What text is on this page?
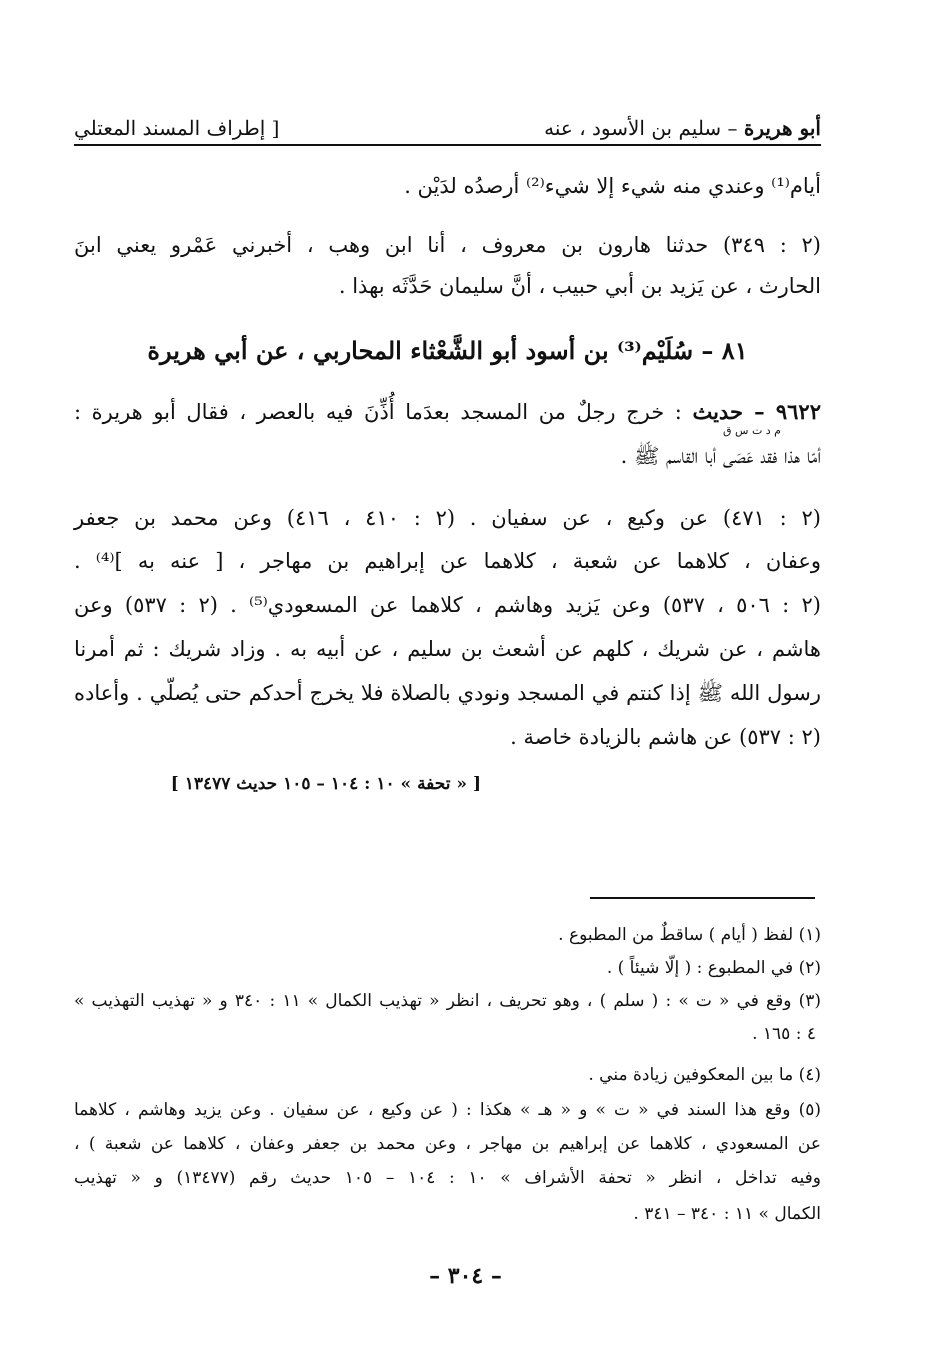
أبو هريرة – سليم بن الأسود ، عنه
[ إطراف المسند المعتلي
أيام⁽¹⁾ وعندي منه شيء إلا شيء⁽²⁾ أرصدُه لدَيْن .
(٢ : ٣٤٩) حدثنا هارون بن معروف ، أنا ابن وهب ، أخبرني عَمْرو يعني ابنَ
الحارث ، عن يَزيد بن أبي حبيب ، أنَّ سليمان حَدَّثَه بهذا .
٨١ – سُلَيْم⁽³⁾ بن أسود أبو الشَّعْثاء المحاربي ، عن أبي هريرة
٩٦٢٢ – حديث : خرج رجلٌ من المسجد بعدَما أُذِّنَ فيه بالعصر ، فقال أبو هريرة :
م د ت س ق
أمّا هذا فقد عَصَى أبا القاسم ﷺ .
(٢ : ٤٧١) عن وكيع ، عن سفيان . (٢ : ٤١٠ ، ٤١٦) وعن محمد بن جعفر
وعفان ، كلاهما عن شعبة ، كلاهما عن إبراهيم بن مهاجر ، [ عنه به ]⁽⁴⁾ .
(٢ : ٥٠٦ ، ٥٣٧) وعن يَزيد وهاشم ، كلاهما عن المسعودي⁽⁵⁾ . (٢ : ٥٣٧) وعن
هاشم ، عن شريك ، كلهم عن أشعث بن سليم ، عن أبيه به . وزاد شريك : ثم أمرنا
رسول الله ﷺ إذا كنتم في المسجد ونودي بالصلاة فلا يخرج أحدكم حتى يُصلّي . وأعاده
(٢ : ٥٣٧) عن هاشم بالزيادة خاصة .
[ « تحفة » ١٠ : ١٠٤ – ١٠٥ حديث ١٣٤٧٧ ]
(١) لفظ ( أيام ) ساقطٌ من المطبوع .
(٢) في المطبوع : ( إلّا شيئاً ) .
(٣) وقع في « ت » : ( سلم ) ، وهو تحريف ، انظر « تهذيب الكمال » ١١ : ٣٤٠ و « تهذيب التهذيب »
٤ : ١٦٥ .
(٤) ما بين المعكوفين زيادة مني .
(٥) وقع هذا السند في « ت » و « هـ » هكذا : ( عن وكيع ، عن سفيان . وعن يزيد وهاشم ، كلاهما
عن المسعودي ، كلاهما عن إبراهيم بن مهاجر ، وعن محمد بن جعفر وعفان ، كلاهما عن شعبة ) ،
وفيه تداخل ، انظر « تحفة الأشراف » ١٠ : ١٠٤ – ١٠٥ حديث رقم (١٣٤٧٧) و « تهذيب
الكمال » ١١ : ٣٤٠ – ٣٤١ .
– ٣٠٤ –
